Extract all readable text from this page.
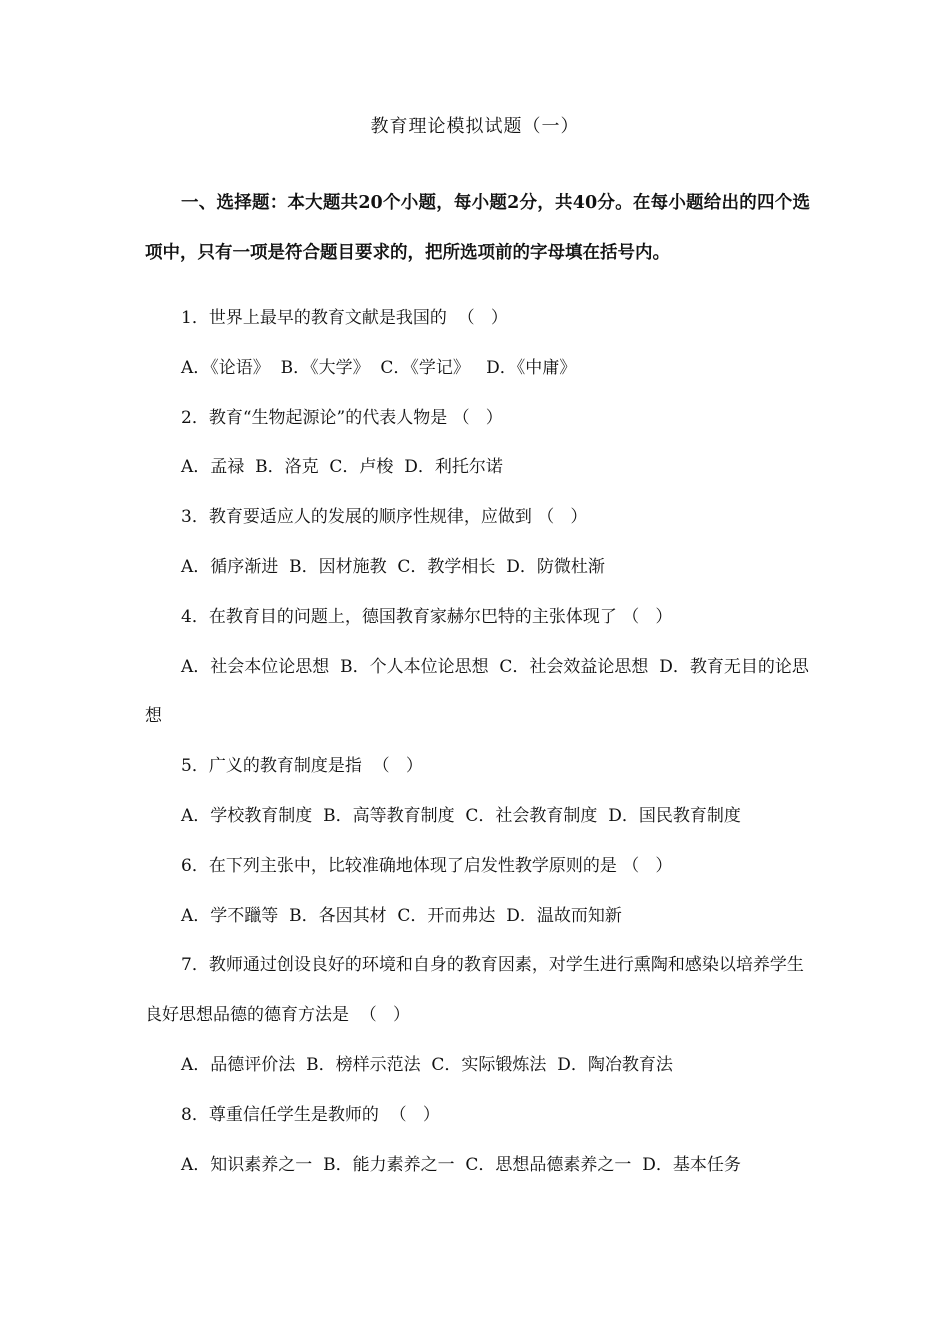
教育理论模拟试题（一）
一、选择题：本大题共20个小题，每小题2分，共40分。在每小题给出的四个选项中，只有一项是符合题目要求的，把所选项前的字母填在括号内。
1．世界上最早的教育文献是我国的  （   ）
A．《论语》  B．《大学》  C．《学记》   D．《中庸》
2．教育“生物起源论”的代表人物是 （   ）
A．孟禄  B．洛克  C．卢梭  D．利托尔诺
3．教育要适应人的发展的顺序性规律，应做到 （   ）
A．循序渐进  B．因材施教  C．教学相长  D．防微杜渐
4．在教育目的问题上，德国教育家赫尔巴特的主张体现了 （   ）
A．社会本位论思想  B．个人本位论思想  C．社会效益论思想  D．教育无目的论思想
5．广义的教育制度是指  （   ）
A．学校教育制度  B．高等教育制度  C．社会教育制度  D．国民教育制度
6．在下列主张中，比较准确地体现了启发性教学原则的是 （   ）
A．学不躐等  B．各因其材  C．开而弗达  D．温故而知新
7．教师通过创设良好的环境和自身的教育因素，对学生进行熏陶和感染以培养学生良好思想品德的德育方法是  （   ）
A．品德评价法  B．榜样示范法  C．实际锻炼法  D．陶冶教育法
8．尊重信任学生是教师的  （   ）
A．知识素养之一  B．能力素养之一  C．思想品德素养之一  D．基本任务
